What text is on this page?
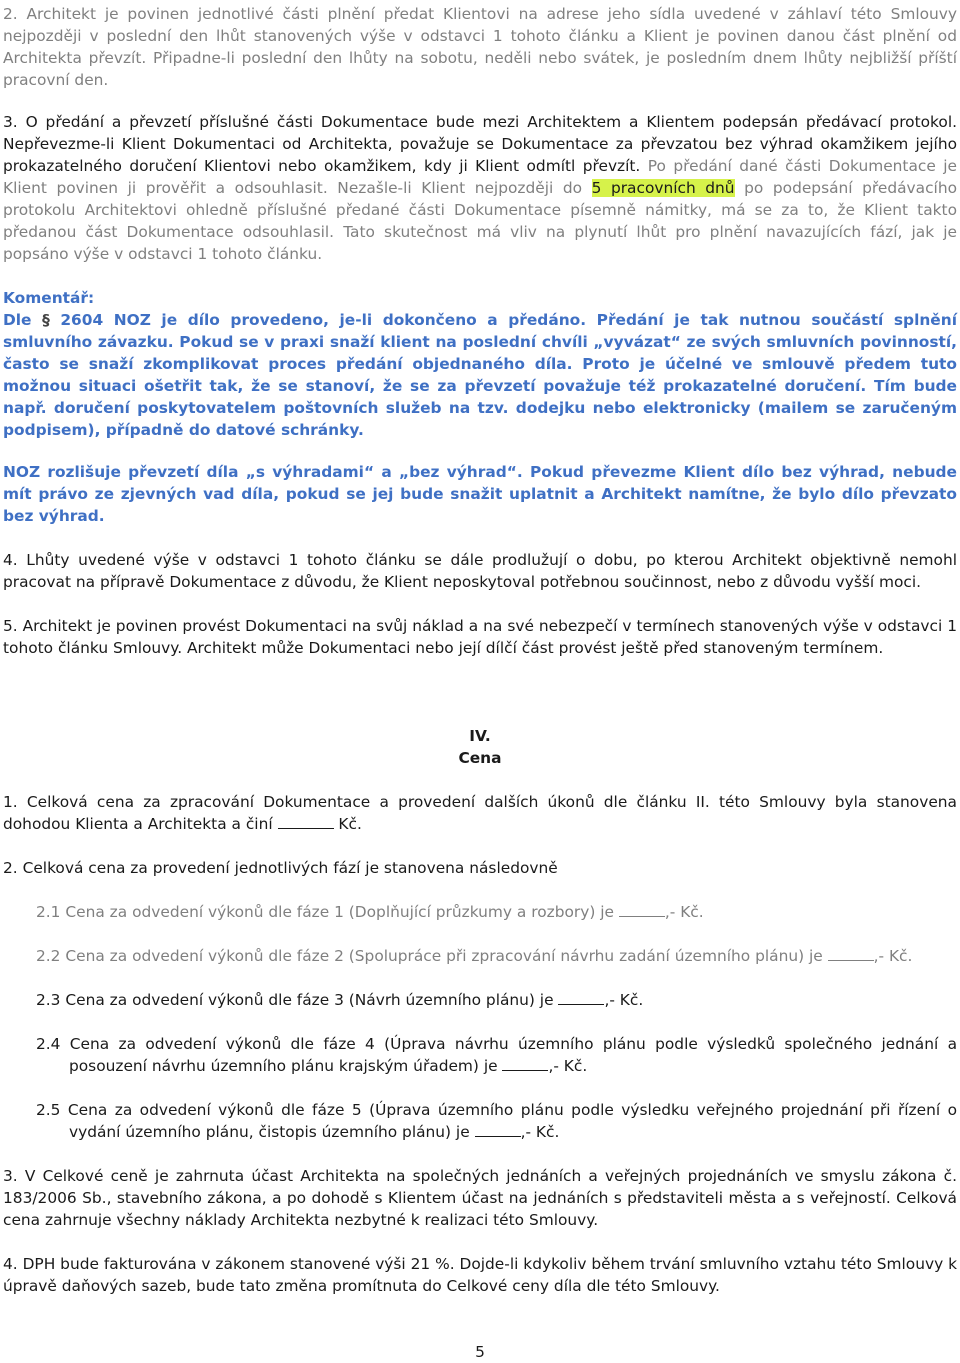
2. Architekt je povinen jednotlivé části plnění předat Klientovi na adrese jeho sídla uvedené v záhlaví této Smlouvy nejpozději v poslední den lhůt stanovených výše v odstavci 1 tohoto článku a Klient je povinen danou část plnění od Architekta převzít. Připadne-li poslední den lhůty na sobotu, neděli nebo svátek, je posledním dnem lhůty nejbližší příští pracovní den.

3. O předání a převzetí příslušné části Dokumentace bude mezi Architektem a Klientem podepsán předávací protokol. Nepřevezme-li Klient Dokumentaci od Architekta, považuje se Dokumentace za převzatou bez výhrad okamžikem jejího prokazatelného doručení Klientovi nebo okamžikem, kdy ji Klient odmítl převzít. Po předání dané části Dokumentace je Klient povinen ji prověřit a odsouhlasit. Nezašle-li Klient nejpozději do 5 pracovních dnů po podepsání předávacího protokolu Architektovi ohledně příslušné předané části Dokumentace písemně námitky, má se za to, že Klient takto předanou část Dokumentace odsouhlasil. Tato skutečnost má vliv na plynutí lhůt pro plnění navazujících fází, jak je popsáno výše v odstavci 1 tohoto článku.

Komentář:

Dle § 2604 NOZ je dílo provedeno, je-li dokončeno a předáno. Předání je tak nutnou součástí splnění smluvního závazku. Pokud se v praxi snaží klient na poslední chvíli „vyvázat“ ze svých smluvních povinností, často se snaží zkomplikovat proces předání objednaného díla. Proto je účelné ve smlouvě předem tuto možnou situaci ošetřit tak, že se stanoví, že se za převzetí považuje též prokazatelné doručení. Tím bude např. doručení poskytovatelem poštovních služeb na tzv. dodejku nebo elektronicky (mailem se zaručeným podpisem), případně do datové schránky.

NOZ rozlišuje převzetí díla „s výhradami“ a „bez výhrad“. Pokud převezme Klient dílo bez výhrad, nebude mít právo ze zjevných vad díla, pokud se jej bude snažit uplatnit a Architekt namítne, že bylo dílo převzato bez výhrad.

4. Lhůty uvedené výše v odstavci 1 tohoto článku se dále prodlužují o dobu, po kterou Architekt objektivně nemohl pracovat na přípravě Dokumentace z důvodu, že Klient neposkytoval potřebnou součinnost, nebo z důvodu vyšší moci.

5. Architekt je povinen provést Dokumentaci na svůj náklad a na své nebezpečí v termínech stanovených výše v odstavci 1 tohoto článku Smlouvy. Architekt může Dokumentaci nebo její dílčí část provést ještě před stanoveným termínem.

IV.

Cena

1. Celková cena za zpracování Dokumentace a provedení dalších úkonů dle článku II. této Smlouvy byla stanovena dohodou Klienta a Architekta a činí	Kč.

2. Celková cena za provedení jednotlivých fází je stanovena následovně

2.1 Cena za odvedení výkonů dle fáze 1 (Doplňující průzkumy a rozbory) je	,- Kč.

2.2 Cena za odvedení výkonů dle fáze 2 (Spolupráce při zpracování návrhu zadání územního plánu) je	,- Kč.

2.3 Cena za odvedení výkonů dle fáze 3 (Návrh územního plánu) je	,- Kč.

2.4 Cena za odvedení výkonů dle fáze 4 (Úprava návrhu územního plánu podle výsledků společného jednání a posouzení návrhu územního plánu krajským úřadem) je	,- Kč.

2.5 Cena za odvedení výkonů dle fáze 5 (Úprava územního plánu podle výsledku veřejného projednání při řízení o vydání územního plánu, čistopis územního plánu) je	,- Kč.

3. V Celkové ceně je zahrnuta účast Architekta na společných jednáních a veřejných projednáních ve smyslu zákona č. 183/2006 Sb., stavebního zákona, a po dohodě s Klientem účast na jednáních s představiteli města a s veřejností. Celková cena zahrnuje všechny náklady Architekta nezbytné k realizaci této Smlouvy.

4. DPH bude fakturována v zákonem stanovené výši 21 %. Dojde-li kdykoliv během trvání smluvního vztahu této Smlouvy k úpravě daňových sazeb, bude tato změna promítnuta do Celkové ceny díla dle této Smlouvy.

5
